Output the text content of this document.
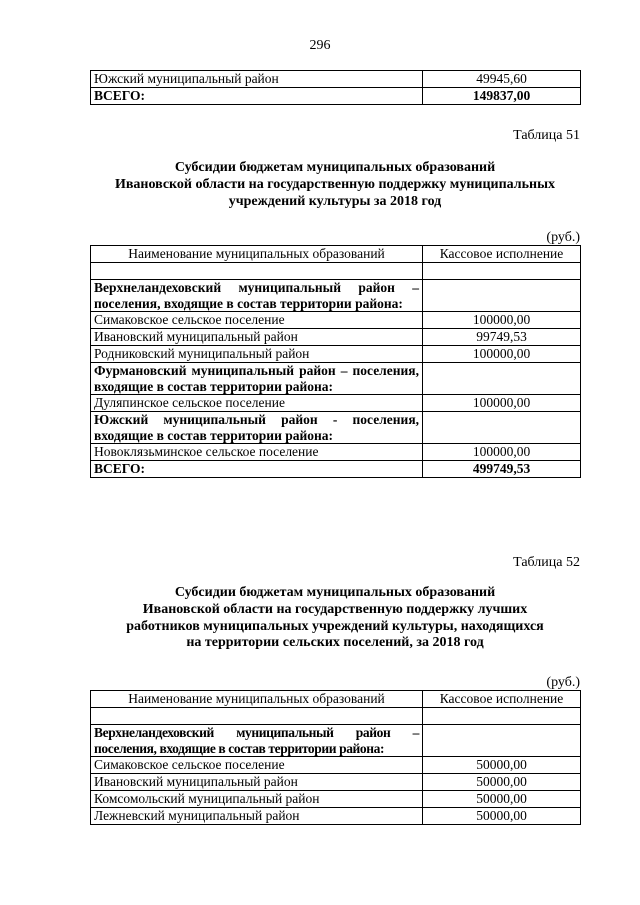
296
Южский муниципальный район	49945,60
ВСЕГО:	149837,00
Таблица 51
Субсидии бюджетам муниципальных образований
Ивановской области на государственную поддержку муниципальных
учреждений культуры за 2018 год
(руб.)
Наименование муниципальных образований	Кассовое исполнение

Верхнеландеховский муниципальный район – поселения, входящие в состав территории района:	
Симаковское сельское поселение	100000,00
Ивановский муниципальный район	99749,53
Родниковский муниципальный район	100000,00
Фурмановский муниципальный район – поселения, входящие в состав территории района:	
Дуляпинское сельское поселение	100000,00
Южский муниципальный район - поселения, входящие в состав территории района:	
Новоклязьминское сельское поселение	100000,00
ВСЕГО:	499749,53
Таблица 52
Субсидии бюджетам муниципальных образований
Ивановской области на государственную поддержку лучших
работников муниципальных учреждений культуры, находящихся
на территории сельских поселений, за 2018 год
(руб.)
Наименование муниципальных образований	Кассовое исполнение

Верхнеландеховский муниципальный район – поселения, входящие в состав территории района:	
Симаковское сельское поселение	50000,00
Ивановский муниципальный район	50000,00
Комсомольский муниципальный район	50000,00
Лежневский муниципальный район	50000,00
